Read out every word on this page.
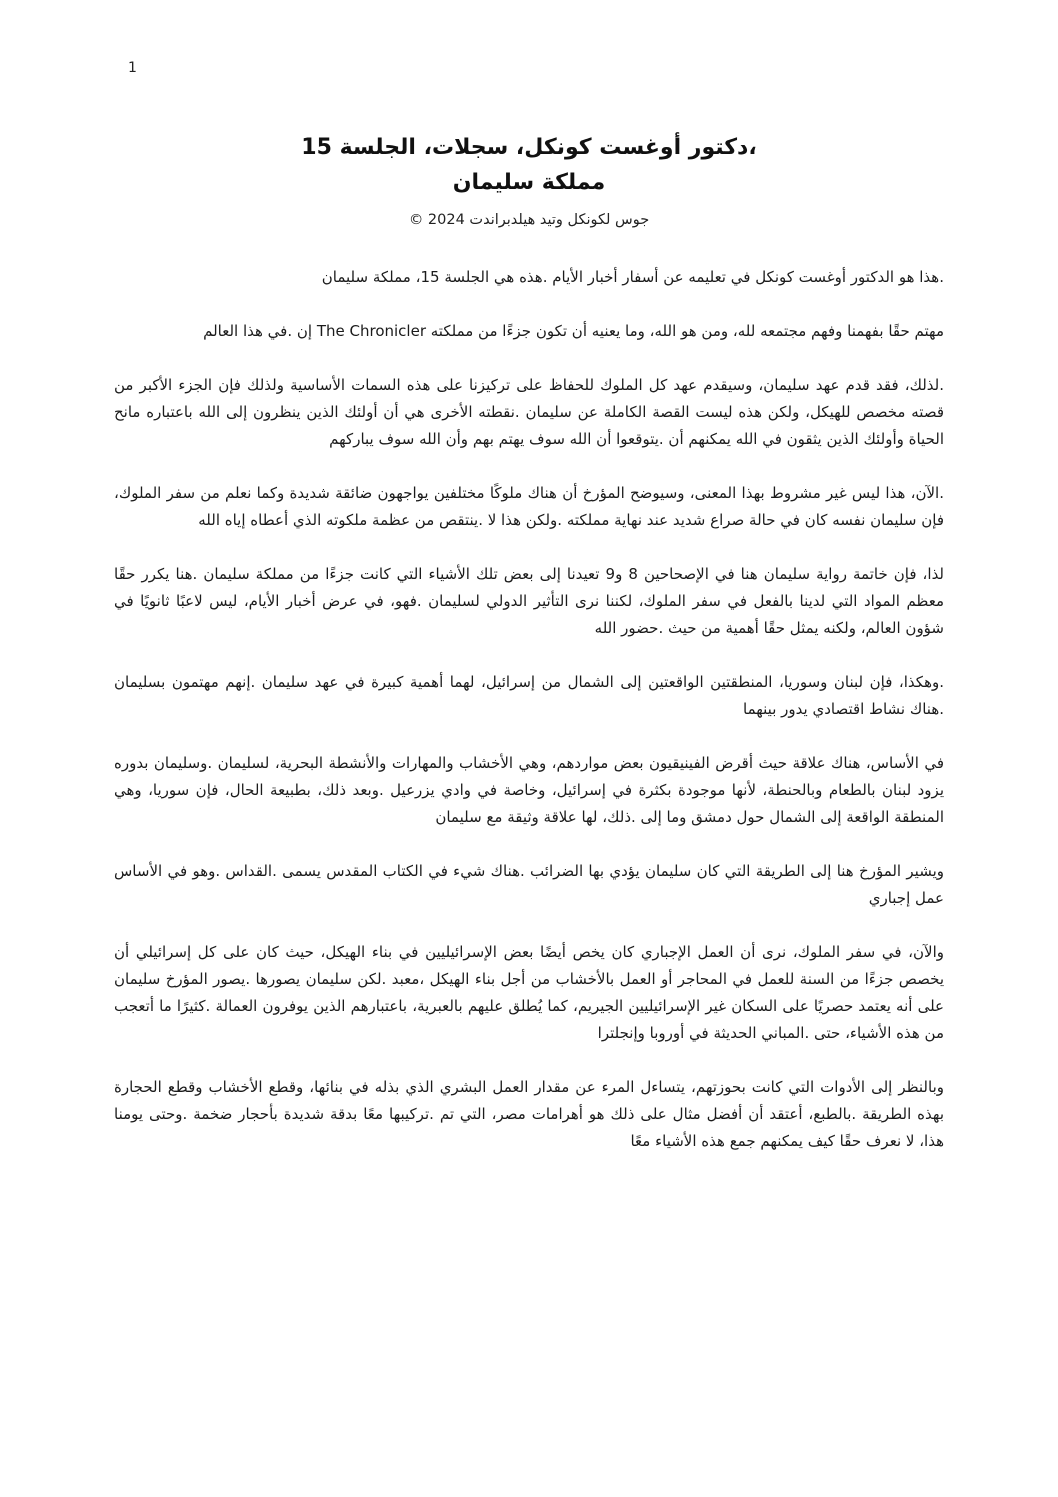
1
،دكتور أوغست كونكل، سجلات، الجلسة 15
مملكة سليمان
جوس لكونكل وتيد هيلدبراندت 2024 ©

.هذا هو الدكتور أوغست كونكل في تعليمه عن أسفار أخبار الأيام .هذه هي الجلسة 15، مملكة سليمان

مهتم حقًا بفهمنا وفهم مجتمعه لله، ومن هو الله، وما يعنيه أن تكون جزءًا من مملكته The Chronicler إن .في هذا العالم

.لذلك، فقد قدم عهد سليمان، وسيقدم عهد كل الملوك للحفاظ على تركيزنا على هذه السمات الأساسية ولذلك فإن الجزء الأكبر من قصته مخصص للهيكل، ولكن هذه ليست القصة الكاملة عن سليمان .نقطته الأخرى هي أن أولئك الذين ينظرون إلى الله باعتباره مانح الحياة وأولئك الذين يثقون في الله يمكنهم أن .يتوقعوا أن الله سوف يهتم بهم وأن الله سوف يباركهم

.الآن، هذا ليس غير مشروط بهذا المعنى، وسيوضح المؤرخ أن هناك ملوكًا مختلفين يواجهون ضائقة شديدة وكما نعلم من سفر الملوك، فإن سليمان نفسه كان في حالة صراع شديد عند نهاية مملكته .ولكن هذا لا .ينتقص من عظمة ملكوته الذي أعطاه إياه الله

لذا، فإن خاتمة رواية سليمان هنا في الإصحاحين 8 و9 تعيدنا إلى بعض تلك الأشياء التي كانت جزءًا من مملكة سليمان .هنا يكرر حقًا معظم المواد التي لدينا بالفعل في سفر الملوك، لكننا نرى التأثير الدولي لسليمان .فهو، في عرض أخبار الأيام، ليس لاعبًا ثانويًا في شؤون العالم، ولكنه يمثل حقًا أهمية من حيث .حضور الله

.وهكذا، فإن لبنان وسوريا، المنطقتين الواقعتين إلى الشمال من إسرائيل، لهما أهمية كبيرة في عهد سليمان .إنهم مهتمون بسليمان .هناك نشاط اقتصادي يدور بينهما

في الأساس، هناك علاقة حيث أقرض الفينيقيون بعض مواردهم، وهي الأخشاب والمهارات والأنشطة البحرية، لسليمان .وسليمان بدوره يزود لبنان بالطعام وبالحنطة، لأنها موجودة بكثرة في إسرائيل، وخاصة في وادي يزرعيل .وبعد ذلك، بطبيعة الحال، فإن سوريا، وهي المنطقة الواقعة إلى الشمال حول دمشق وما إلى .ذلك، لها علاقة وثيقة مع سليمان

ويشير المؤرخ هنا إلى الطريقة التي كان سليمان يؤدي بها الضرائب .هناك شيء في الكتاب المقدس يسمى .القداس .وهو في الأساس عمل إجباري

والآن، في سفر الملوك، نرى أن العمل الإجباري كان يخص أيضًا بعض الإسرائيليين في بناء الهيكل، حيث كان على كل إسرائيلي أن يخصص جزءًا من السنة للعمل في المحاجر أو العمل بالأخشاب من أجل بناء الهيكل ،معبد .لكن سليمان يصورها .يصور المؤرخ سليمان على أنه يعتمد حصريًا على السكان غير الإسرائيليين الجيريم، كما يُطلق عليهم بالعبرية، باعتبارهم الذين يوفرون العمالة .كثيرًا ما أتعجب من هذه الأشياء، حتى .المباني الحديثة في أوروبا وإنجلترا

وبالنظر إلى الأدوات التي كانت بحوزتهم، يتساءل المرء عن مقدار العمل البشري الذي بذله في بنائها، وقطع الأخشاب وقطع الحجارة بهذه الطريقة .بالطبع، أعتقد أن أفضل مثال على ذلك هو أهرامات مصر، التي تم .تركيبها معًا بدقة شديدة بأحجار ضخمة .وحتى يومنا هذا، لا نعرف حقًا كيف يمكنهم جمع هذه الأشياء معًا
